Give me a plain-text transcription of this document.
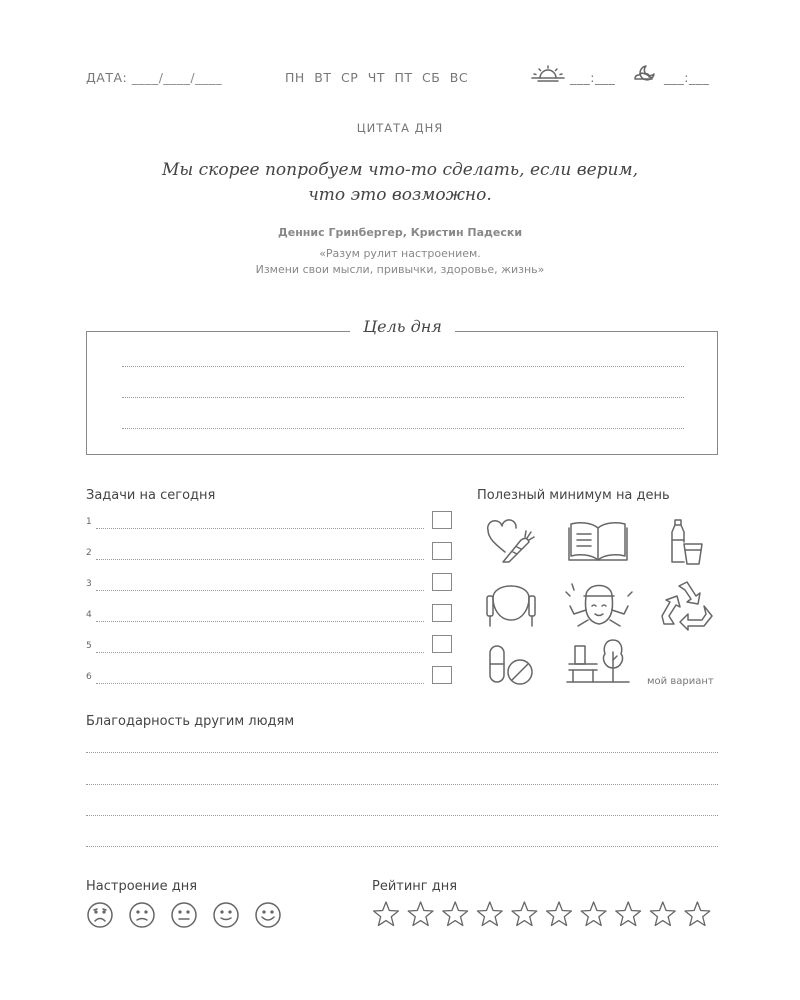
ДАТА: ____/____/____	ПН ВТ СР ЧТ ПТ СБ ВС	___:___	___:___
ЦИТАТА ДНЯ
Мы скорее попробуем что-то сделать, если верим,
что это возможно.
Деннис Гринбергер, Кристин Падески
«Разум рулит настроением.
Измени свои мысли, привычки, здоровье, жизнь»
Цель дня
Задачи на сегодня
1
2
3
4
5
6
Полезный минимум на день
мой вариант
Благодарность другим людям
Настроение дня	Рейтинг дня
